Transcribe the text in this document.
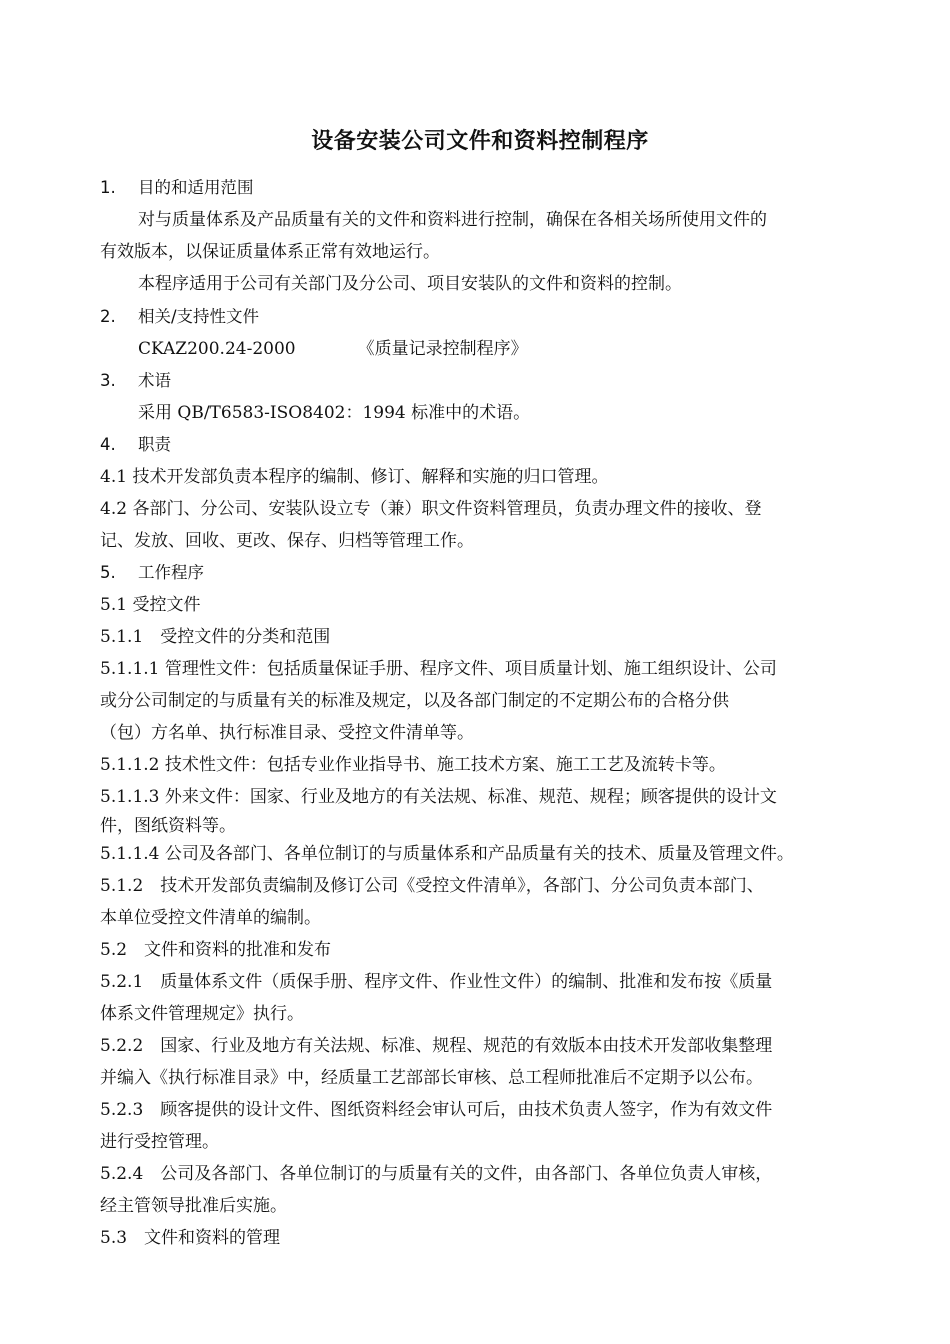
设备安装公司文件和资料控制程序
1. 目的和适用范围
对与质量体系及产品质量有关的文件和资料进行控制，确保在各相关场所使用文件的
有效版本，以保证质量体系正常有效地运行。
本程序适用于公司有关部门及分公司、项目安装队的文件和资料的控制。
2. 相关/支持性文件
CKAZ200.24-2000	《质量记录控制程序》
3. 术语
采用 QB/T6583-ISO8402：1994 标准中的术语。
4. 职责
4.1 技术开发部负责本程序的编制、修订、解释和实施的归口管理。
4.2 各部门、分公司、安装队设立专（兼）职文件资料管理员，负责办理文件的接收、登
记、发放、回收、更改、保存、归档等管理工作。
5. 工作程序
5.1 受控文件
5.1.1　受控文件的分类和范围
5.1.1.1 管理性文件：包括质量保证手册、程序文件、项目质量计划、施工组织设计、公司
或分公司制定的与质量有关的标准及规定，以及各部门制定的不定期公布的合格分供
（包）方名单、执行标准目录、受控文件清单等。
5.1.1.2 技术性文件：包括专业作业指导书、施工技术方案、施工工艺及流转卡等。
5.1.1.3 外来文件：国家、行业及地方的有关法规、标准、规范、规程；顾客提供的设计文
件，图纸资料等。
5.1.1.4 公司及各部门、各单位制订的与质量体系和产品质量有关的技术、质量及管理文件。
5.1.2　技术开发部负责编制及修订公司《受控文件清单》，各部门、分公司负责本部门、
本单位受控文件清单的编制。
5.2　文件和资料的批准和发布
5.2.1　质量体系文件（质保手册、程序文件、作业性文件）的编制、批准和发布按《质量
体系文件管理规定》执行。
5.2.2　国家、行业及地方有关法规、标准、规程、规范的有效版本由技术开发部收集整理
并编入《执行标准目录》中，经质量工艺部部长审核、总工程师批准后不定期予以公布。
5.2.3　顾客提供的设计文件、图纸资料经会审认可后，由技术负责人签字，作为有效文件
进行受控管理。
5.2.4　公司及各部门、各单位制订的与质量有关的文件，由各部门、各单位负责人审核，
经主管领导批准后实施。
5.3　文件和资料的管理
